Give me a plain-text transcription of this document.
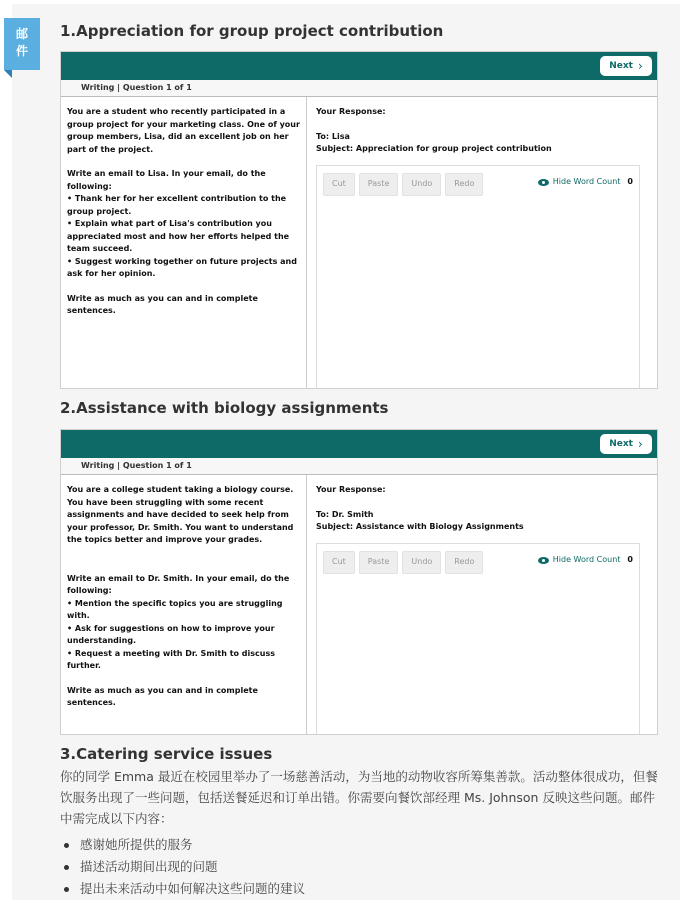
邮
件
1.Appreciation for group project contribution
Next ›
Writing | Question 1 of 1

You are a student who recently participated in a group project for your marketing class. One of your group members, Lisa, did an excellent job on her part of the project.

Write an email to Lisa. In your email, do the following:
• Thank her for her excellent contribution to the group project.
• Explain what part of Lisa's contribution you appreciated most and how her efforts helped the team succeed.
• Suggest working together on future projects and ask for her opinion.

Write as much as you can and in complete sentences.

Your Response:
To: Lisa
Subject: Appreciation for group project contribution
Cut	Paste	Undo	Redo	Hide Word Count 0
2.Assistance with biology assignments
Next ›
Writing | Question 1 of 1

You are a college student taking a biology course. You have been struggling with some recent assignments and have decided to seek help from your professor, Dr. Smith. You want to understand the topics better and improve your grades.

Write an email to Dr. Smith. In your email, do the following:
• Mention the specific topics you are struggling with.
• Ask for suggestions on how to improve your understanding.
• Request a meeting with Dr. Smith to discuss further.

Write as much as you can and in complete sentences.

Your Response:
To: Dr. Smith
Subject: Assistance with Biology Assignments
Cut	Paste	Undo	Redo	Hide Word Count 0
3.Catering service issues
你的同学 Emma 最近在校园里举办了一场慈善活动，为当地的动物收容所筹集善款。活动整体很成功，但餐饮服务出现了一些问题，包括送餐延迟和订单出错。你需要向餐饮部经理 Ms. Johnson 反映这些问题。邮件中需完成以下内容：
感谢她所提供的服务
描述活动期间出现的问题
提出未来活动中如何解决这些问题的建议
